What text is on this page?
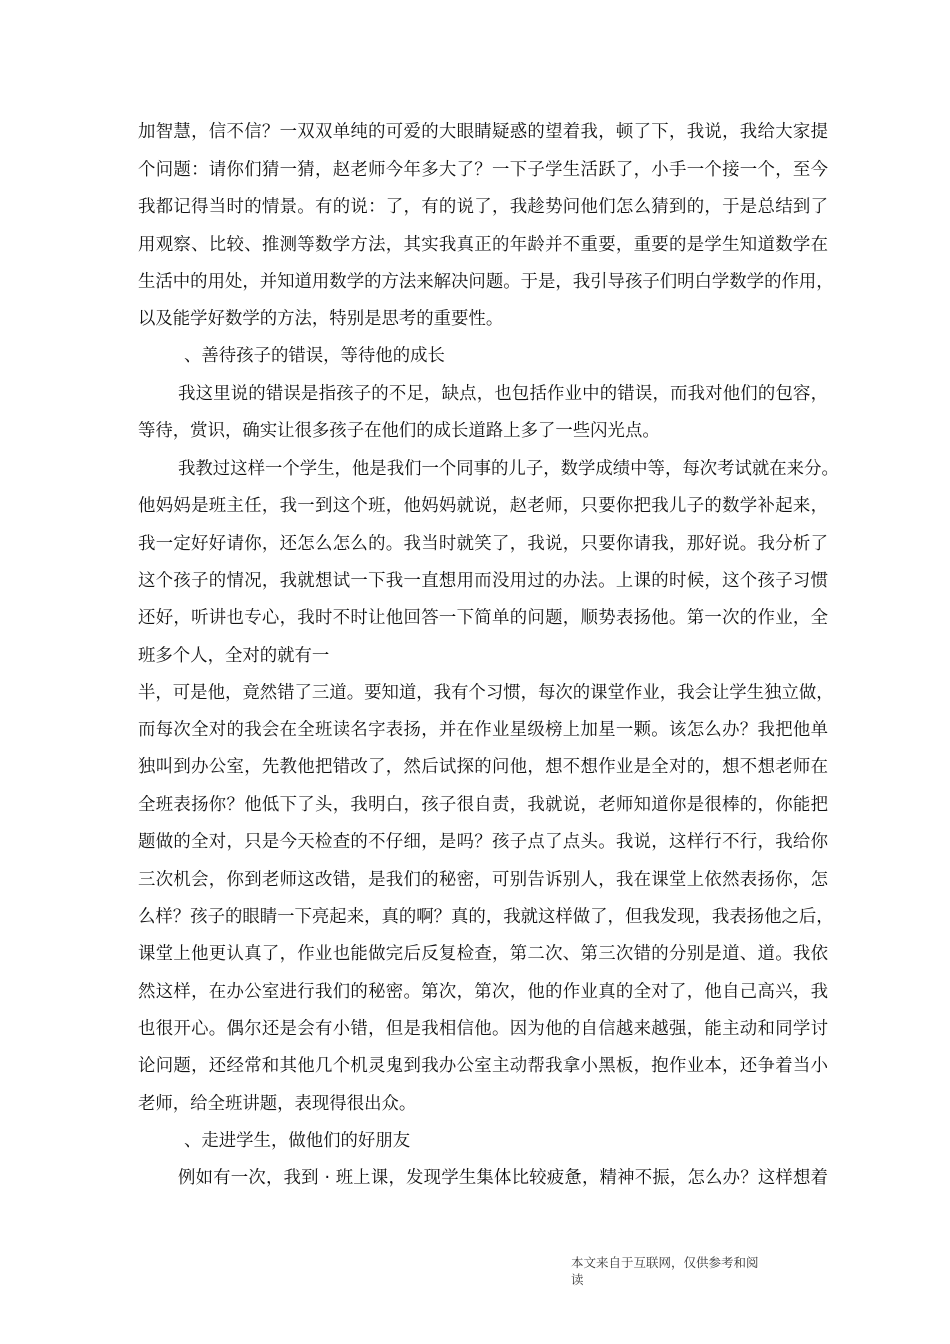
加智慧，信不信？一双双单纯的可爱的大眼睛疑惑的望着我，顿了下，我说，我给大家提
个问题：请你们猜一猜，赵老师今年多大了？一下子学生活跃了，小手一个接一个，至今
我都记得当时的情景。有的说：了，有的说了，我趁势问他们怎么猜到的，于是总结到了
用观察、比较、推测等数学方法，其实我真正的年龄并不重要，重要的是学生知道数学在
生活中的用处，并知道用数学的方法来解决问题。于是，我引导孩子们明白学数学的作用，
以及能学好数学的方法，特别是思考的重要性。
、善待孩子的错误，等待他的成长
我这里说的错误是指孩子的不足，缺点，也包括作业中的错误，而我对他们的包容，
等待，赏识，确实让很多孩子在他们的成长道路上多了一些闪光点。
我教过这样一个学生，他是我们一个同事的儿子，数学成绩中等，每次考试就在来分。
他妈妈是班主任，我一到这个班，他妈妈就说，赵老师，只要你把我儿子的数学补起来，
我一定好好请你，还怎么怎么的。我当时就笑了，我说，只要你请我，那好说。我分析了
这个孩子的情况，我就想试一下我一直想用而没用过的办法。上课的时候，这个孩子习惯
还好，听讲也专心，我时不时让他回答一下简单的问题，顺势表扬他。第一次的作业，全
班多个人，全对的就有一
半，可是他，竟然错了三道。要知道，我有个习惯，每次的课堂作业，我会让学生独立做，
而每次全对的我会在全班读名字表扬，并在作业星级榜上加星一颗。该怎么办？我把他单
独叫到办公室，先教他把错改了，然后试探的问他，想不想作业是全对的，想不想老师在
全班表扬你？他低下了头，我明白，孩子很自责，我就说，老师知道你是很棒的，你能把
题做的全对，只是今天检查的不仔细，是吗？孩子点了点头。我说，这样行不行，我给你
三次机会，你到老师这改错，是我们的秘密，可别告诉别人，我在课堂上依然表扬你，怎
么样？孩子的眼睛一下亮起来，真的啊？真的，我就这样做了，但我发现，我表扬他之后，
课堂上他更认真了，作业也能做完后反复检查，第二次、第三次错的分别是道、道。我依
然这样，在办公室进行我们的秘密。第次，第次，他的作业真的全对了，他自己高兴，我
也很开心。偶尔还是会有小错，但是我相信他。因为他的自信越来越强，能主动和同学讨
论问题，还经常和其他几个机灵鬼到我办公室主动帮我拿小黑板，抱作业本，还争着当小
老师，给全班讲题，表现得很出众。
、走进学生，做他们的好朋友
例如有一次，我到 · 班上课，发现学生集体比较疲惫，精神不振，怎么办？这样想着
本文来自于互联网，仅供参考和阅
读
